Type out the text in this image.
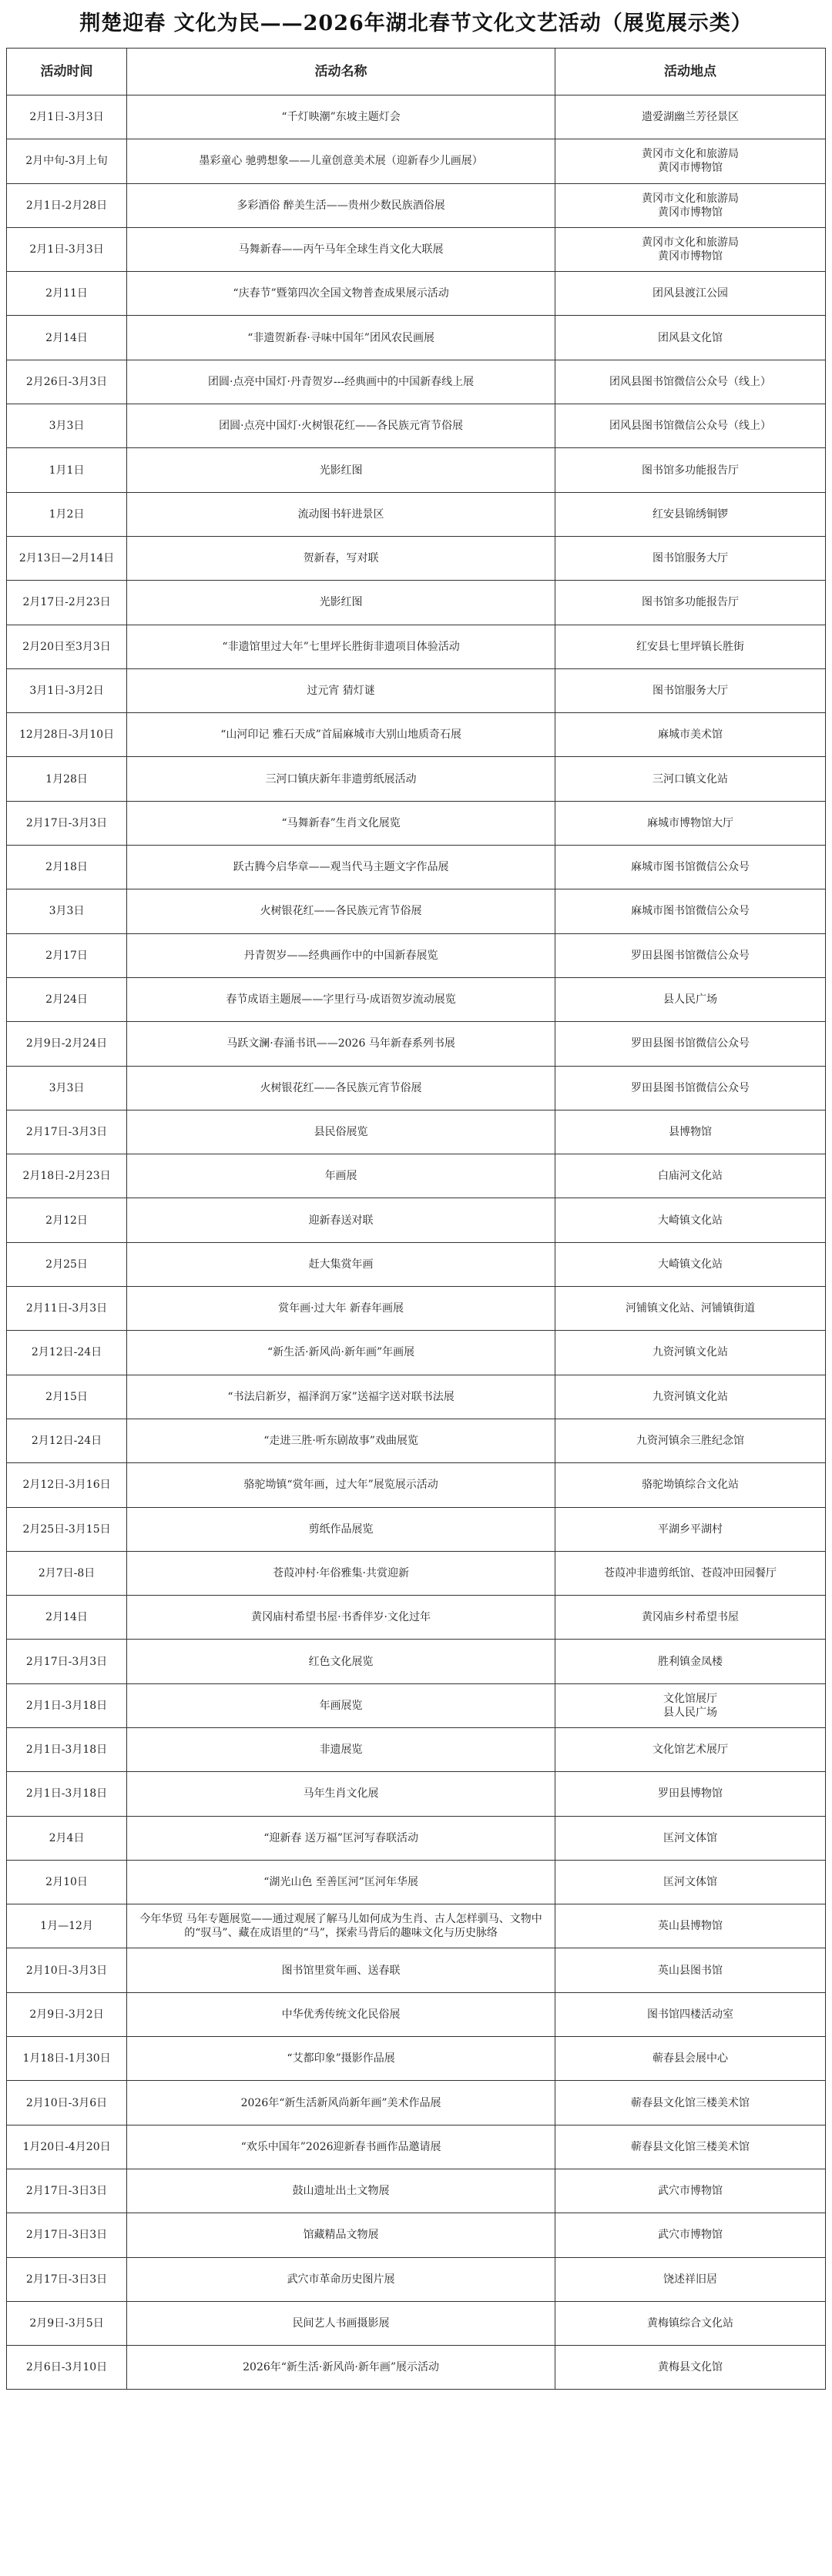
荆楚迎春 文化为民——2026年湖北春节文化文艺活动（展览展示类）
活动时间	活动名称	活动地点
2月1日-3月3日	“千灯映潮”东坡主题灯会	遗爱湖幽兰芳径景区

2月中旬-3月上旬	墨彩童心 驰骋想象——儿童创意美术展（迎新春少儿画展）	黄冈市文化和旅游局
黄冈市博物馆

2月1日-2月28日	多彩酒俗 醉美生活——贵州少数民族酒俗展	黄冈市文化和旅游局
黄冈市博物馆

2月1日-3月3日	马舞新春——丙午马年全球生肖文化大联展	黄冈市文化和旅游局
黄冈市博物馆

2月11日	“庆春节”暨第四次全国文物普查成果展示活动	团风县渡江公园

2月14日	“非遗贺新春·寻味中国年”团风农民画展	团风县文化馆

2月26日-3月3日	团圆·点亮中国灯·丹青贺岁---经典画中的中国新春线上展	团风县图书馆微信公众号（线上）

3月3日	团圆·点亮中国灯·火树银花红——各民族元宵节俗展	团风县图书馆微信公众号（线上）

1月1日	光影红图	图书馆多功能报告厅

1月2日	流动图书轩进景区	红安县锦绣铜锣

2月13日—2月14日	贺新春，写对联	图书馆服务大厅

2月17日-2月23日	光影红图	图书馆多功能报告厅

2月20日至3月3日	“非遗馆里过大年”七里坪长胜街非遗项目体验活动	红安县七里坪镇长胜街

3月1日-3月2日	过元宵 猜灯谜	图书馆服务大厅

12月28日-3月10日	“山河印记 雅石天成”首届麻城市大别山地质奇石展	麻城市美术馆

1月28日	三河口镇庆新年非遗剪纸展活动	三河口镇文化站

2月17日-3月3日	“马舞新春”生肖文化展览	麻城市博物馆大厅

2月18日	跃古腾今启华章——观当代马主题文字作品展	麻城市图书馆微信公众号

3月3日	火树银花红——各民族元宵节俗展	麻城市图书馆微信公众号

2月17日	丹青贺岁——经典画作中的中国新春展览	罗田县图书馆微信公众号

2月24日	春节成语主题展——字里行马·成语贺岁流动展览	县人民广场

2月9日-2月24日	马跃文澜·春涌书讯——2026 马年新春系列书展	罗田县图书馆微信公众号

3月3日	火树银花红——各民族元宵节俗展	罗田县图书馆微信公众号

2月17日-3月3日	县民俗展览	县博物馆

2月18日-2月23日	年画展	白庙河文化站

2月12日	迎新春送对联	大崎镇文化站

2月25日	赶大集赏年画	大崎镇文化站

2月11日-3月3日	赏年画·过大年 新春年画展	河铺镇文化站、河铺镇街道

2月12日-24日	“新生活·新风尚·新年画”年画展	九资河镇文化站

2月15日	“书法启新岁，福泽润万家”送福字送对联书法展	九资河镇文化站

2月12日-24日	“走进三胜·听东剧故事”戏曲展览	九资河镇余三胜纪念馆

2月12日-3月16日	骆驼坳镇“赏年画，过大年”展览展示活动	骆驼坳镇综合文化站

2月25日-3月15日	剪纸作品展览	平湖乡平湖村

2月7日-8日	苍葭冲村·年俗雅集·共赏迎新	苍葭冲非遗剪纸馆、苍葭冲田园餐厅

2月14日	黄冈庙村希望书屋·书香伴岁·文化过年	黄冈庙乡村希望书屋

2月17日-3月3日	红色文化展览	胜利镇金凤楼

2月1日-3月18日	年画展览	文化馆展厅
县人民广场

2月1日-3月18日	非遗展览	文化馆艺术展厅

2月1日-3月18日	马年生肖文化展	罗田县博物馆

2月4日	“迎新春 送万福”匡河写春联活动	匡河文体馆

2月10日	“湖光山色 至善匡河”匡河年华展	匡河文体馆

1月—12月	今年华贸 马年专题展览——通过观展了解马儿如何成为生肖、古人怎样驯马、文物中的“驭马”、藏在成语里的“马”，探索马背后的趣味文化与历史脉络	英山县博物馆

2月10日-3月3日	图书馆里赏年画、送春联	英山县图书馆

2月9日-3月2日	中华优秀传统文化民俗展	图书馆四楼活动室

1月18日-1月30日	“艾都印象”摄影作品展	蕲春县会展中心

2月10日-3月6日	2026年“新生活新风尚新年画”美术作品展	蕲春县文化馆三楼美术馆

1月20日-4月20日	“欢乐中国年”2026迎新春书画作品邀请展	蕲春县文化馆三楼美术馆

2月17日-3日3日	鼓山遗址出土文物展	武穴市博物馆

2月17日-3日3日	馆藏精品文物展	武穴市博物馆

2月17日-3日3日	武穴市革命历史图片展	饶述祥旧居

2月9日-3月5日	民间艺人书画摄影展	黄梅镇综合文化站

2月6日-3月10日	2026年“新生活·新风尚·新年画”展示活动	黄梅县文化馆
